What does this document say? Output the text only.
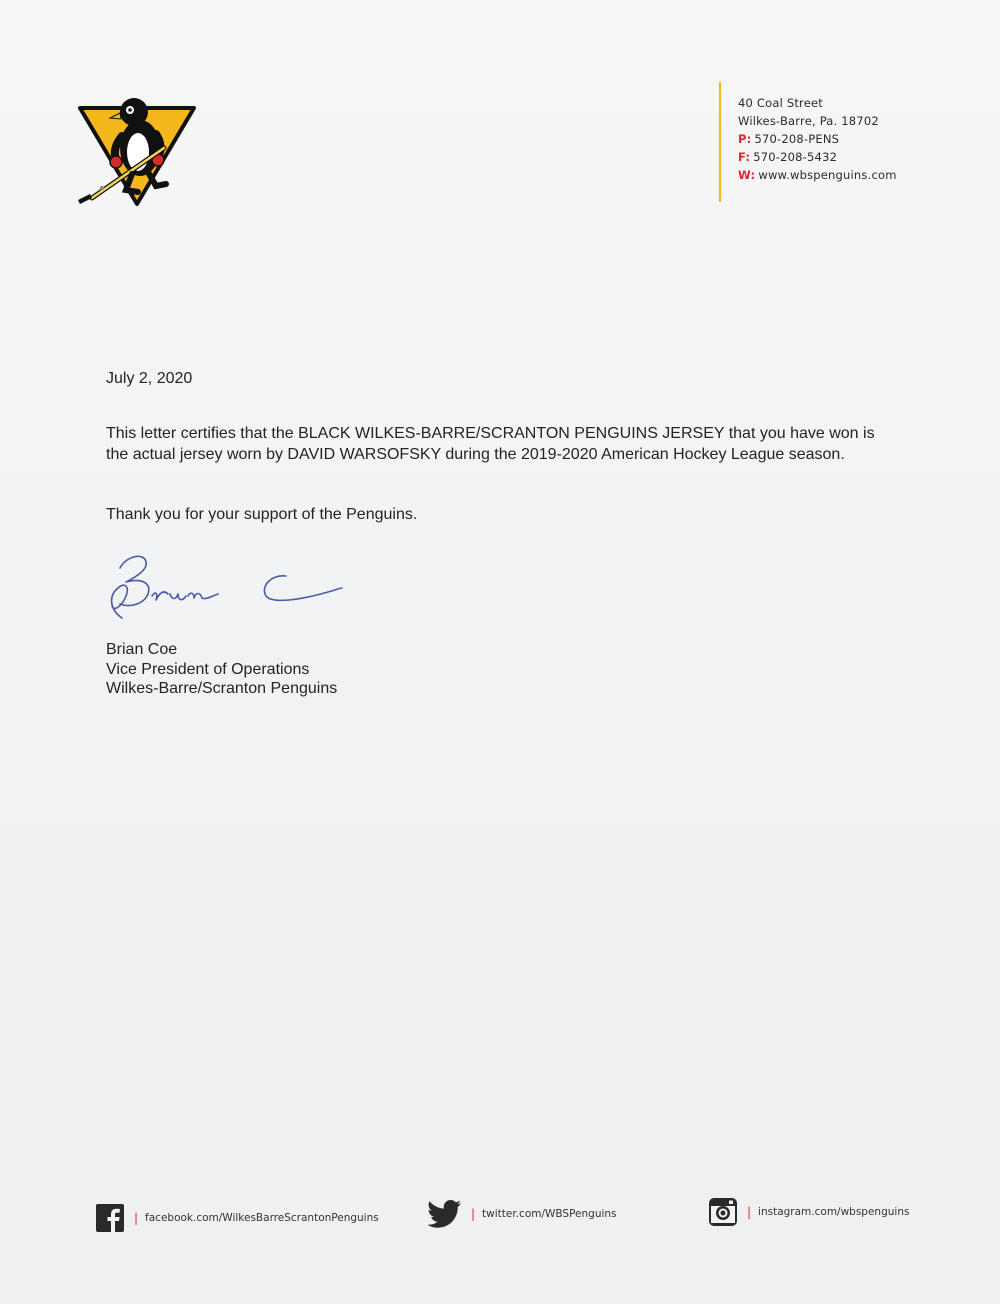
40 Coal Street
Wilkes-Barre, Pa. 18702
P: 570-208-PENS
F: 570-208-5432
W: www.wbspenguins.com
July 2, 2020
This letter certifies that the BLACK WILKES-BARRE/SCRANTON PENGUINS JERSEY that you have won is the actual jersey worn by DAVID WARSOFSKY during the 2019-2020 American Hockey League season.
Thank you for your support of the Penguins.
Brian Coe
Vice President of Operations
Wilkes-Barre/Scranton Penguins
| facebook.com/WilkesBarreScrantonPenguins	| twitter.com/WBSPenguins	| instagram.com/wbspenguins
